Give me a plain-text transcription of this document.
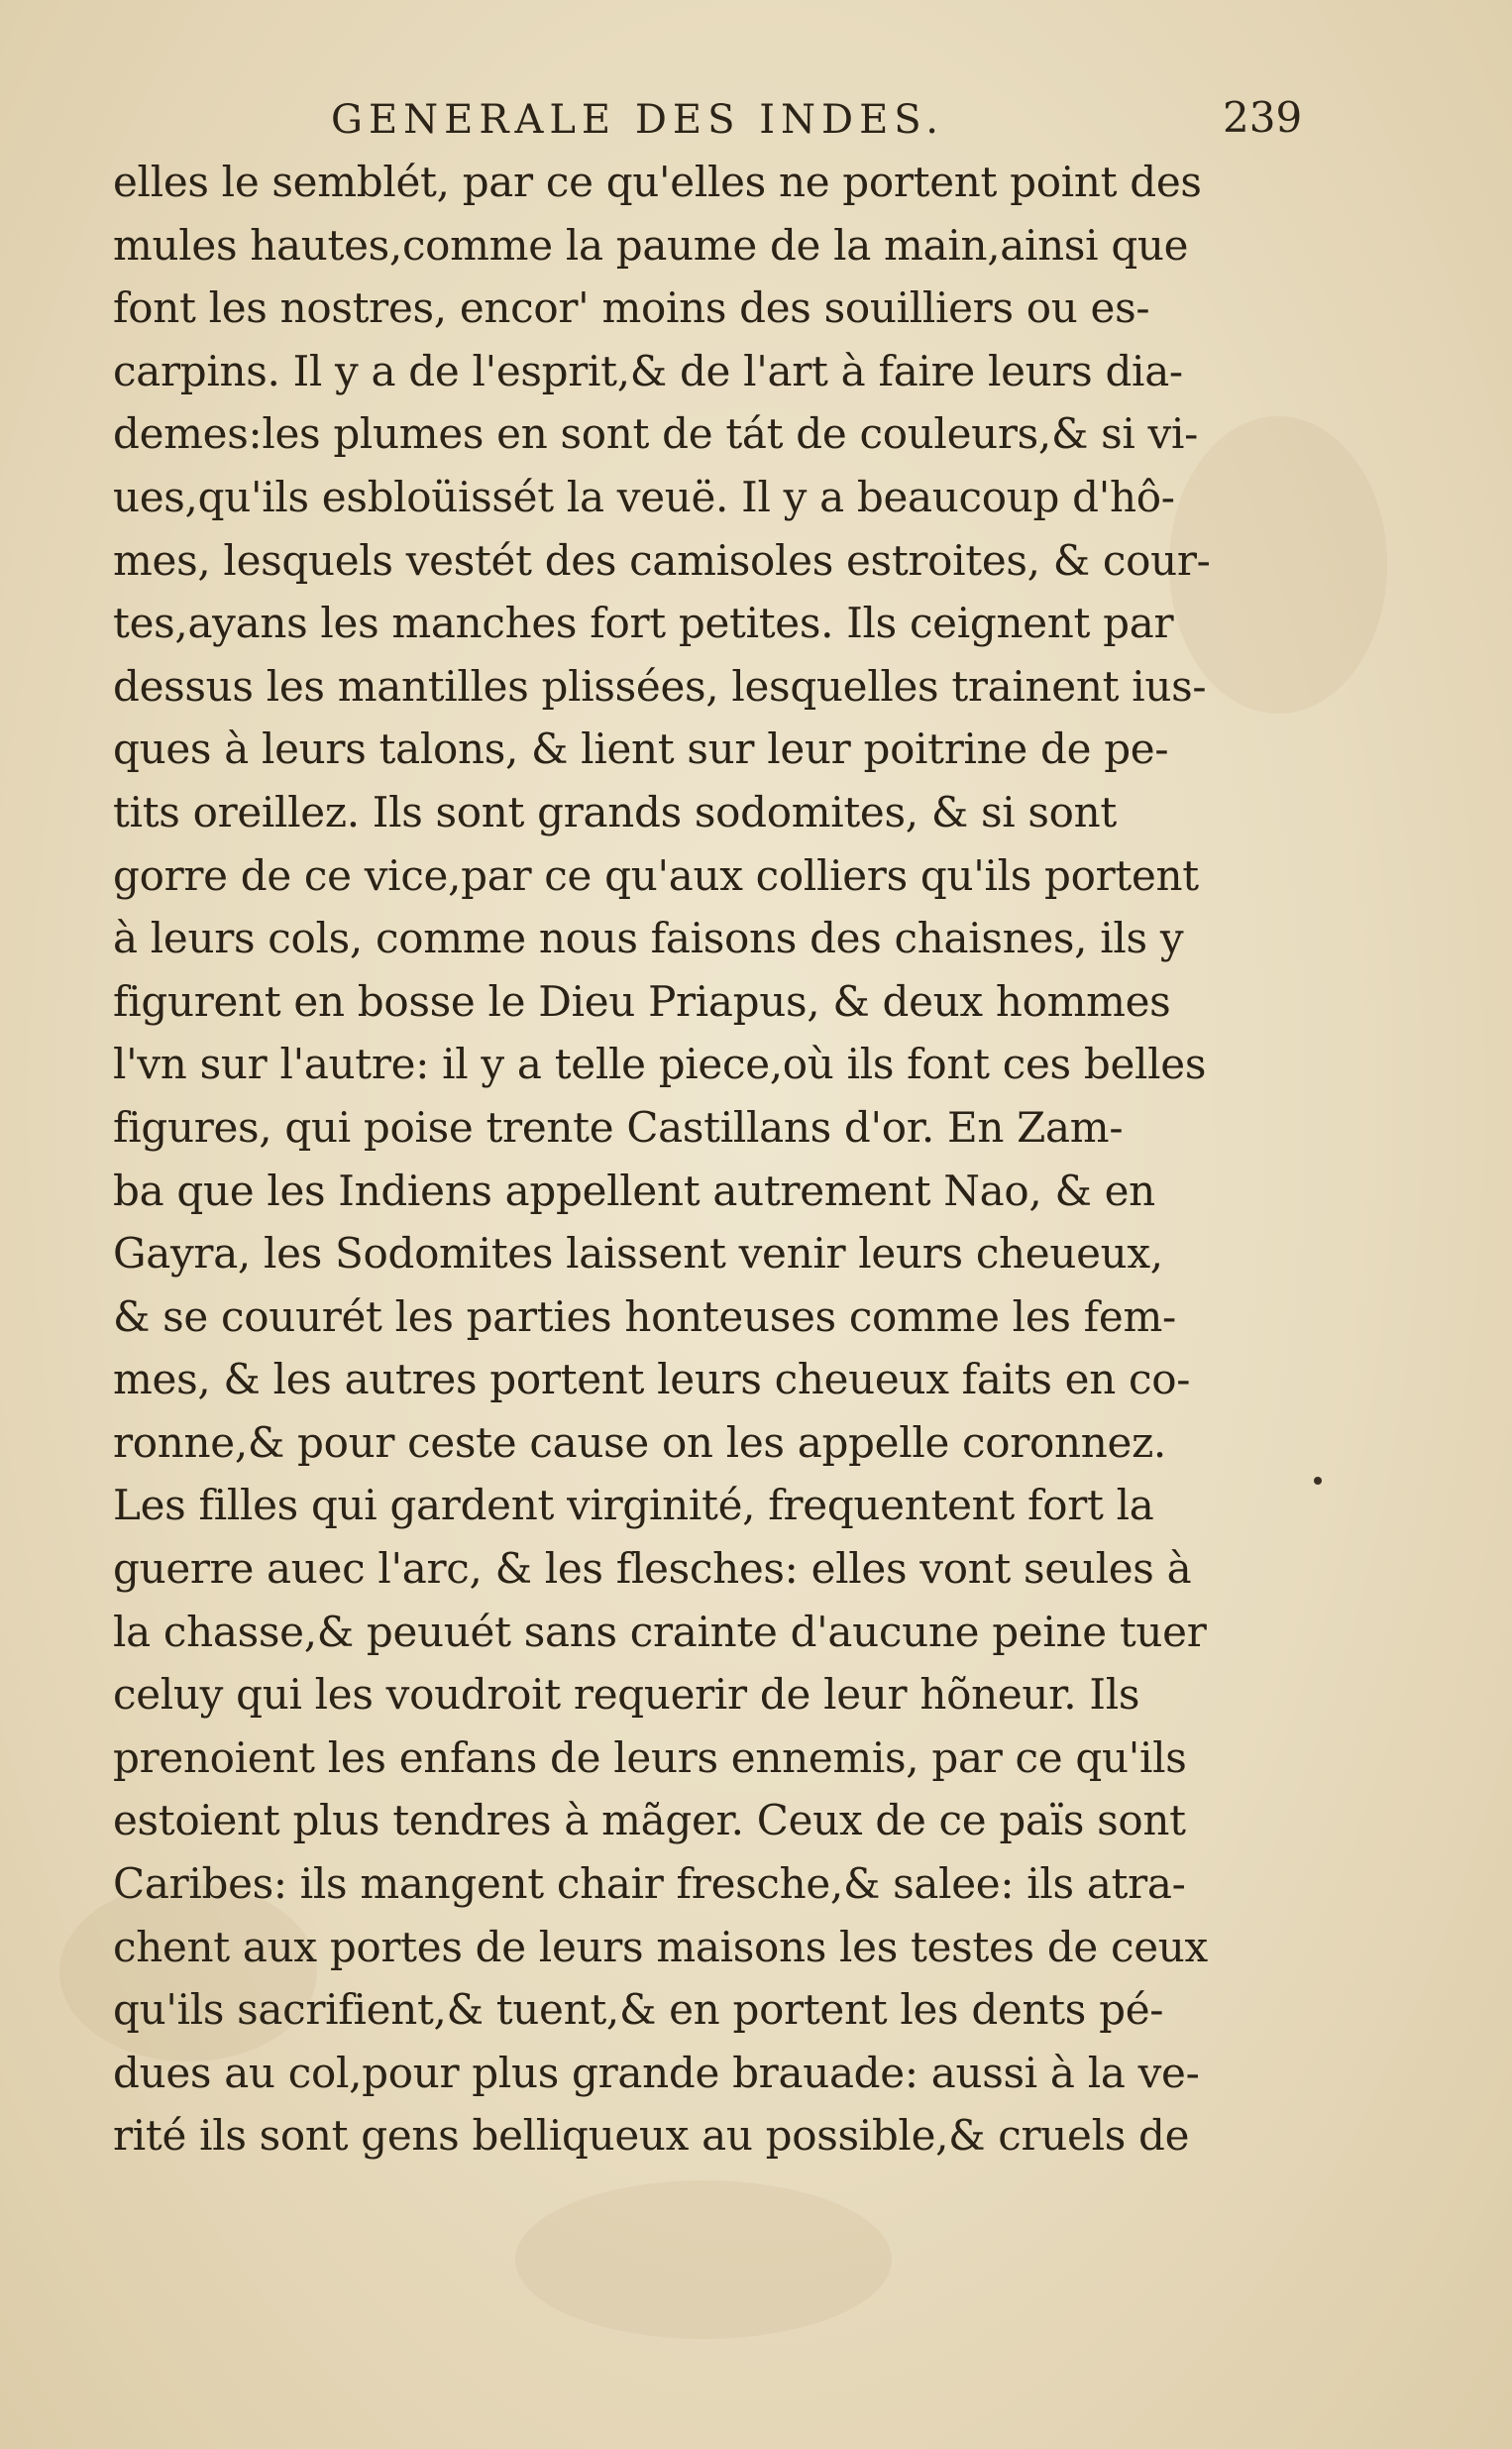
GENERALE DES INDES.	239
elles le semblét, par ce qu'elles ne portent point des
mules hautes,comme la paume de la main,ainsi que
font les nostres, encor' moins des souilliers ou es-
carpins. Il y a de l'esprit,& de l'art à faire leurs dia-
demes:les plumes en sont de tát de couleurs,& si vi-
ues,qu'ils esbloüissét la veuë. Il y a beaucoup d'hô-
mes, lesquels vestét des camisoles estroites, & cour-
tes,ayans les manches fort petites. Ils ceignent par
dessus les mantilles plissées, lesquelles trainent ius-
ques à leurs talons, & lient sur leur poitrine de pe-
tits oreillez. Ils sont grands sodomites, & si sont
gorre de ce vice,par ce qu'aux colliers qu'ils portent
à leurs cols, comme nous faisons des chaisnes, ils y
figurent en bosse le Dieu Priapus, & deux hommes
l'vn sur l'autre: il y a telle piece,où ils font ces belles
figures, qui poise trente Castillans d'or. En Zam-
ba que les Indiens appellent autrement Nao, & en
Gayra, les Sodomites laissent venir leurs cheueux,
& se couurét les parties honteuses comme les fem-
mes, & les autres portent leurs cheueux faits en co-
ronne,& pour ceste cause on les appelle coronnez.
Les filles qui gardent virginité, frequentent fort la
guerre auec l'arc, & les flesches: elles vont seules à
la chasse,& peuuét sans crainte d'aucune peine tuer
celuy qui les voudroit requerir de leur hõneur. Ils
prenoient les enfans de leurs ennemis, par ce qu'ils
estoient plus tendres à mãger. Ceux de ce païs sont
Caribes: ils mangent chair fresche,& salee: ils atra-
chent aux portes de leurs maisons les testes de ceux
qu'ils sacrifient,& tuent,& en portent les dents pé-
dues au col,pour plus grande brauade: aussi à la ve-
rité ils sont gens belliqueux au possible,& cruels de
